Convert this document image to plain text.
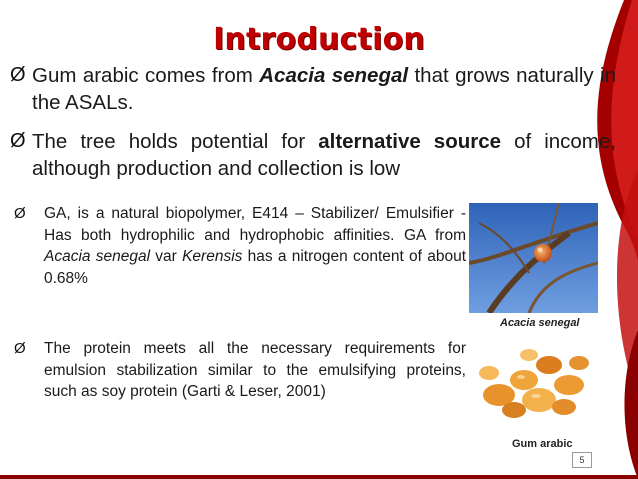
Introduction
Ø Gum arabic comes from Acacia senegal that grows naturally in the ASALs.
Ø The tree holds potential for alternative source of income, although production and collection is low
Ø	GA, is a natural biopolymer, E414 – Stabilizer/ Emulsifier - Has both hydrophilic and hydrophobic affinities. GA from Acacia senegal var Kerensis has a nitrogen content of about 0.68%
Ø	The protein meets all the necessary requirements for emulsion stabilization similar to the emulsifying proteins, such as soy protein (Garti & Leser, 2001)
Acacia senegal
Gum arabic
5
